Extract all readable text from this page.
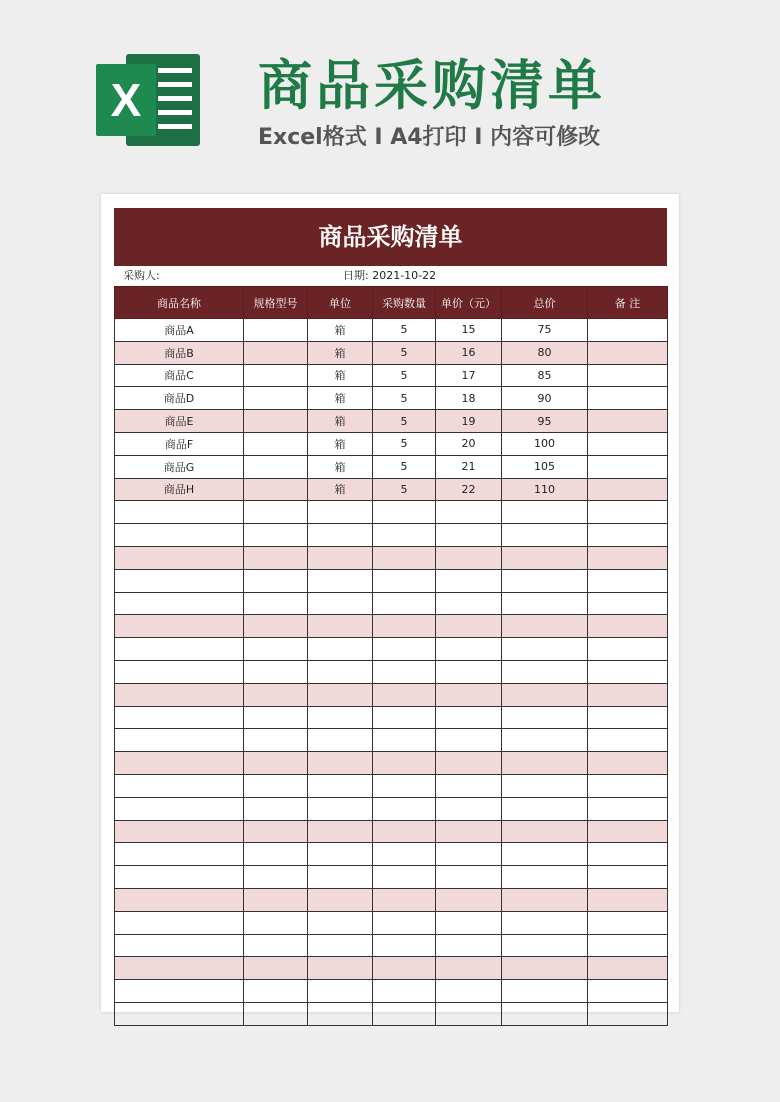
X 商品采购清单
Excel格式 Ⅰ A4打印 Ⅰ 内容可修改
商品采购清单
采购人:	日期: 2021-10-22
商品名称	规格型号	单位	采购数量	单价（元）	总价	备 注
商品A		箱	5	15	75	
商品B		箱	5	16	80	
商品C		箱	5	17	85	
商品D		箱	5	18	90	
商品E		箱	5	19	95	
商品F		箱	5	20	100	
商品G		箱	5	21	105	
商品H		箱	5	22	110	
